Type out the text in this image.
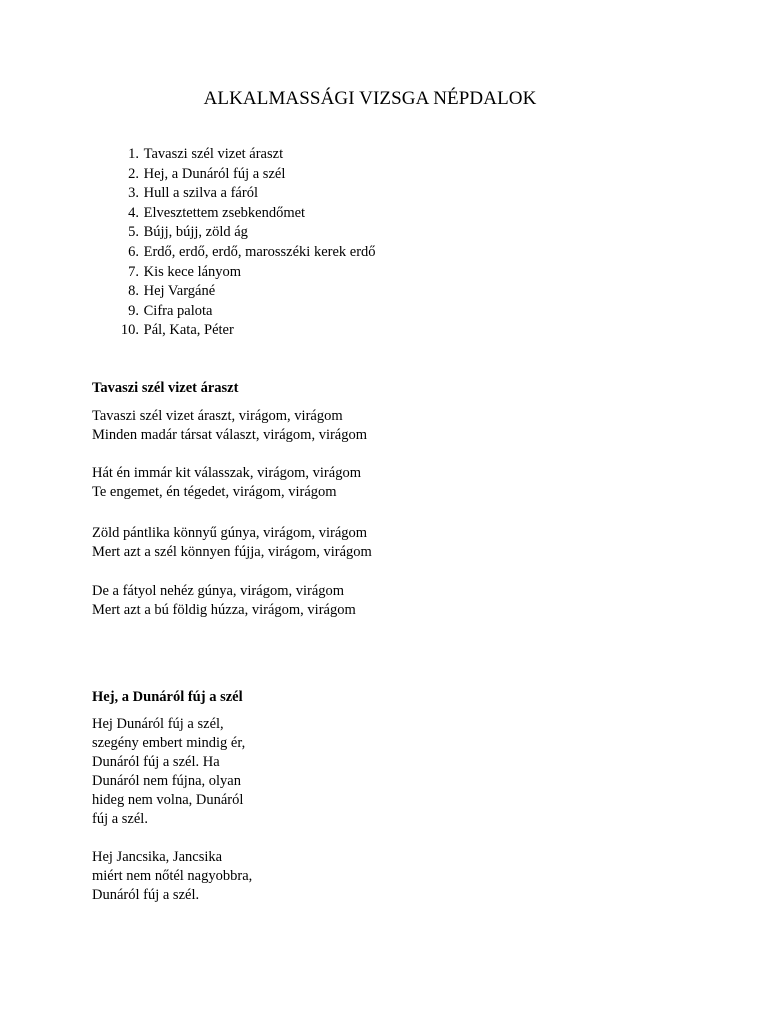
ALKALMASSÁGI VIZSGA NÉPDALOK
1. Tavaszi szél vizet áraszt
2. Hej, a Dunáról fúj a szél
3. Hull a szilva a fáról
4. Elvesztettem zsebkendőmet
5. Bújj, bújj, zöld ág
6. Erdő, erdő, erdő, marosszéki kerek erdő
7. Kis kece lányom
8. Hej Vargáné
9. Cifra palota
10. Pál, Kata, Péter
Tavaszi szél vizet áraszt
Tavaszi szél vizet áraszt, virágom, virágom
Minden madár társat választ, virágom, virágom
Hát én immár kit válasszak, virágom, virágom
Te engemet, én tégedet, virágom, virágom
Zöld pántlika könnyű gúnya, virágom, virágom
Mert azt a szél könnyen fújja, virágom, virágom
De a fátyol nehéz gúnya, virágom, virágom
Mert azt a bú földig húzza, virágom, virágom
Hej, a Dunáról fúj a szél
Hej Dunáról fúj a szél,
szegény embert mindig ér,
Dunáról fúj a szél. Ha
Dunáról nem fújna, olyan
hideg nem volna, Dunáról
fúj a szél.
Hej Jancsika, Jancsika
miért nem nőtél nagyobbra,
Dunáról fúj a szél.
